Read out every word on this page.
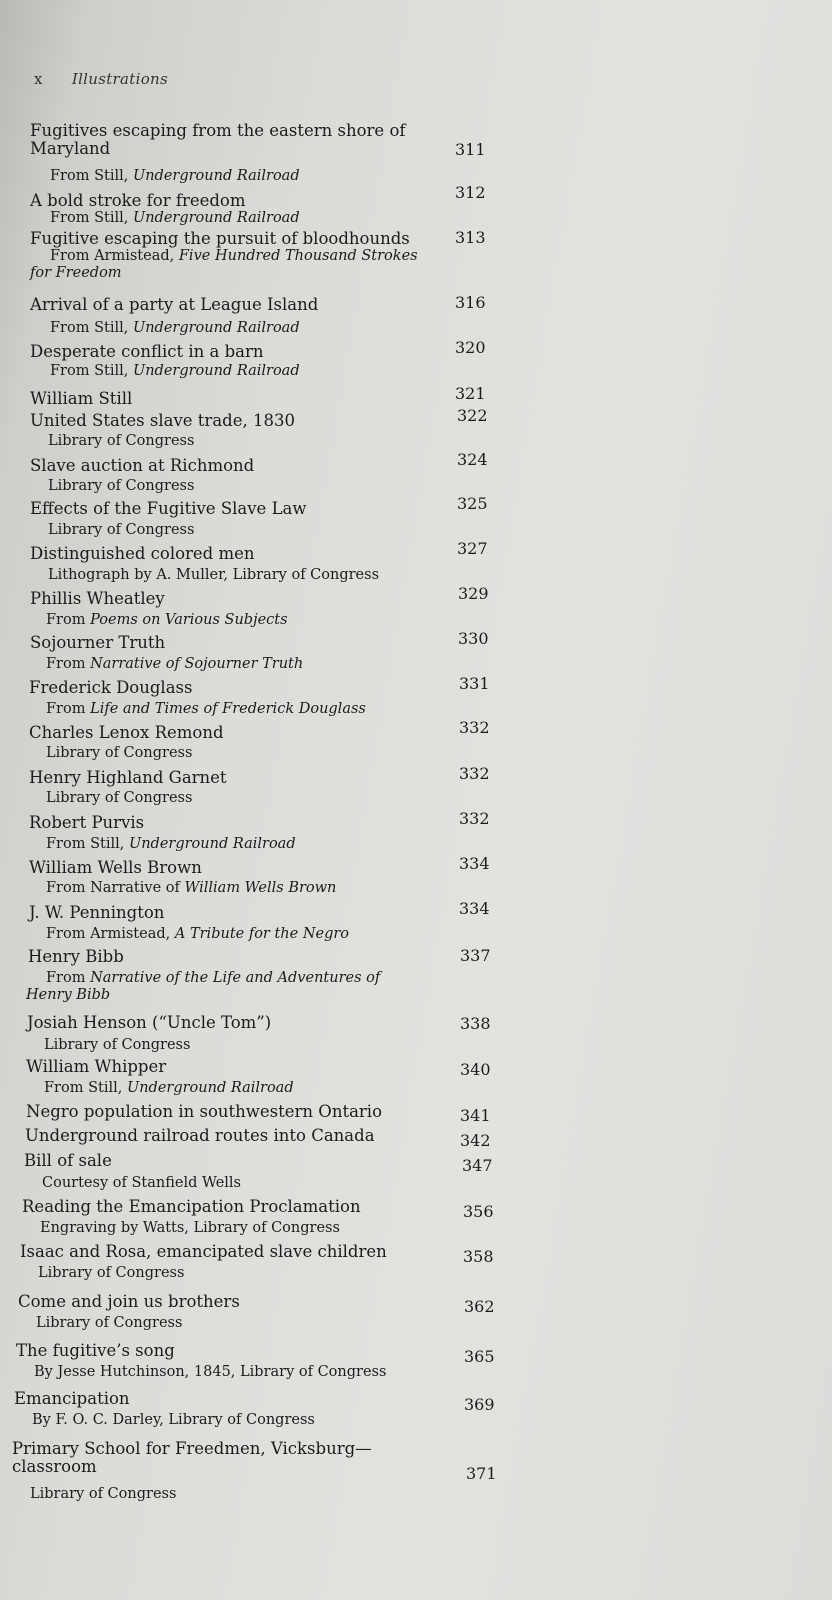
x Illustrations
Fugitives escaping from the eastern shore of
Maryland
From Still, Underground Railroad
311
A bold stroke for freedom
From Still, Underground Railroad
312
Fugitive escaping the pursuit of bloodhounds
From Armistead, Five Hundred Thousand Strokes
for Freedom
313
Arrival of a party at League Island
From Still, Underground Railroad
316
Desperate conflict in a barn
From Still, Underground Railroad
320
William Still	321
United States slave trade, 1830
Library of Congress
322
Slave auction at Richmond
Library of Congress
324
Effects of the Fugitive Slave Law
Library of Congress
325
Distinguished colored men
Lithograph by A. Muller, Library of Congress
327
Phillis Wheatley
From Poems on Various Subjects
329
Sojourner Truth
From Narrative of Sojourner Truth
330
Frederick Douglass
From Life and Times of Frederick Douglass
331
Charles Lenox Remond
Library of Congress
332
Henry Highland Garnet
Library of Congress
332
Robert Purvis
From Still, Underground Railroad
332
William Wells Brown
From Narrative of William Wells Brown
334
J. W. Pennington
From Armistead, A Tribute for the Negro
334
Henry Bibb
From Narrative of the Life and Adventures of
Henry Bibb
337
Josiah Henson (“Uncle Tom”)
Library of Congress
338
William Whipper
From Still, Underground Railroad
340
Negro population in southwestern Ontario	341
Underground railroad routes into Canada	342
Bill of sale
Courtesy of Stanfield Wells
347
Reading the Emancipation Proclamation
Engraving by Watts, Library of Congress
356
Isaac and Rosa, emancipated slave children
Library of Congress
358
Come and join us brothers
Library of Congress
362
The fugitive’s song
By Jesse Hutchinson, 1845, Library of Congress
365
Emancipation
By F. O. C. Darley, Library of Congress
369
Primary School for Freedmen, Vicksburg—
classroom
Library of Congress
371
